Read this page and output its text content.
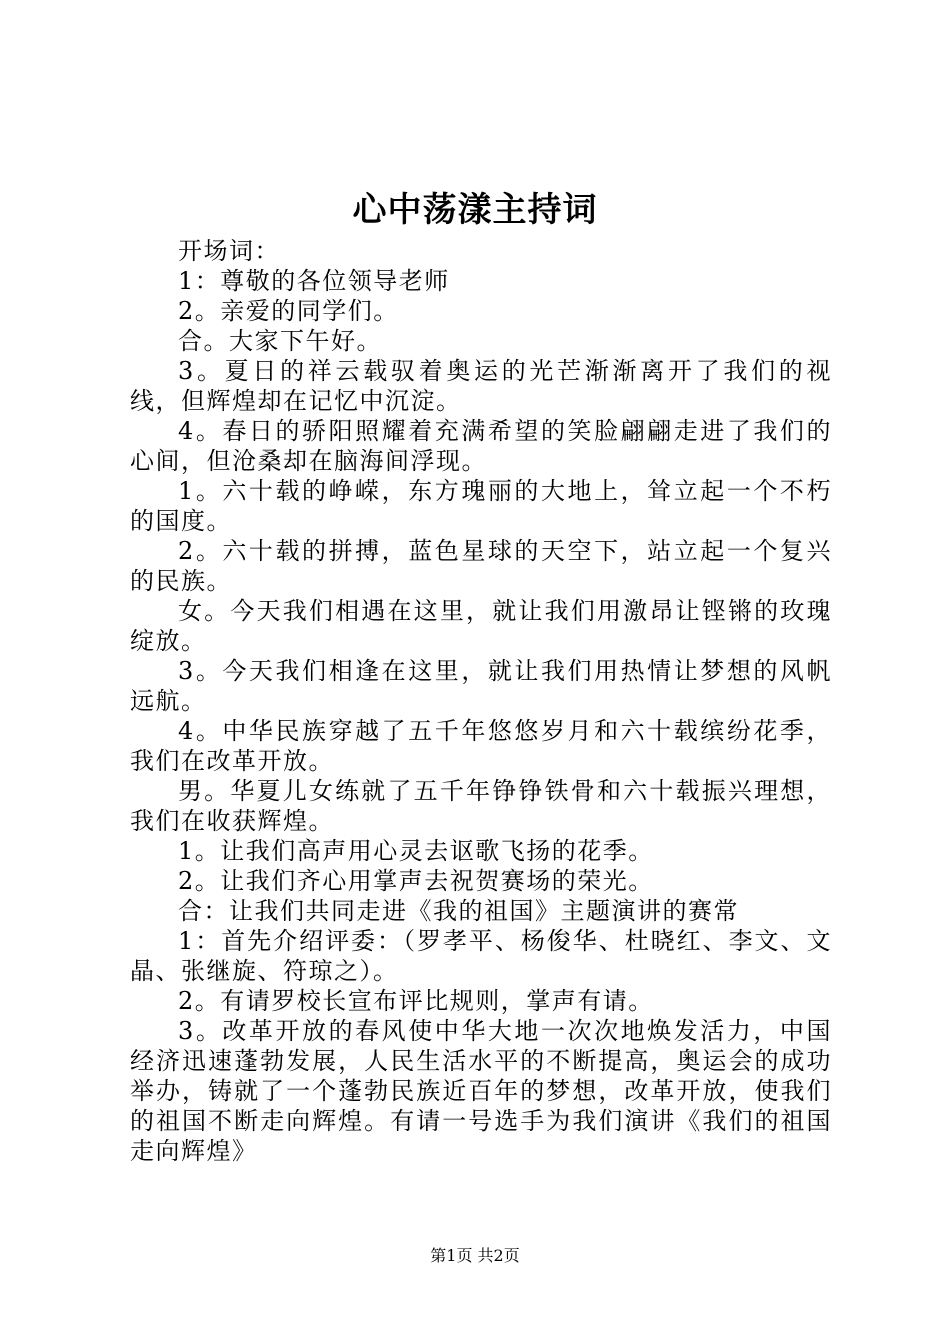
心中荡漾主持词

开场词：

1：尊敬的各位领导老师

2。亲爱的同学们。

合。大家下午好。

3。夏日的祥云载驭着奥运的光芒渐渐离开了我们的视线，但辉煌却在记忆中沉淀。

4。春日的骄阳照耀着充满希望的笑脸翩翩走进了我们的心间，但沧桑却在脑海间浮现。

1。六十载的峥嵘，东方瑰丽的大地上，耸立起一个不朽的国度。

2。六十载的拼搏，蓝色星球的天空下，站立起一个复兴的民族。

女。今天我们相遇在这里，就让我们用激昂让铿锵的玫瑰绽放。

3。今天我们相逢在这里，就让我们用热情让梦想的风帆远航。

4。中华民族穿越了五千年悠悠岁月和六十载缤纷花季，我们在改革开放。

男。华夏儿女练就了五千年铮铮铁骨和六十载振兴理想，我们在收获辉煌。

1。让我们高声用心灵去讴歌飞扬的花季。

2。让我们齐心用掌声去祝贺赛场的荣光。

合：让我们共同走进《我的祖国》主题演讲的赛常

1：首先介绍评委：（罗孝平、杨俊华、杜晓红、李文、文晶、张继旋、符琼之）。

2。有请罗校长宣布评比规则，掌声有请。

3。改革开放的春风使中华大地一次次地焕发活力，中国经济迅速蓬勃发展，人民生活水平的不断提高，奥运会的成功举办，铸就了一个蓬勃民族近百年的梦想，改革开放，使我们的祖国不断走向辉煌。有请一号选手为我们演讲《我们的祖国走向辉煌》

第1页 共2页
